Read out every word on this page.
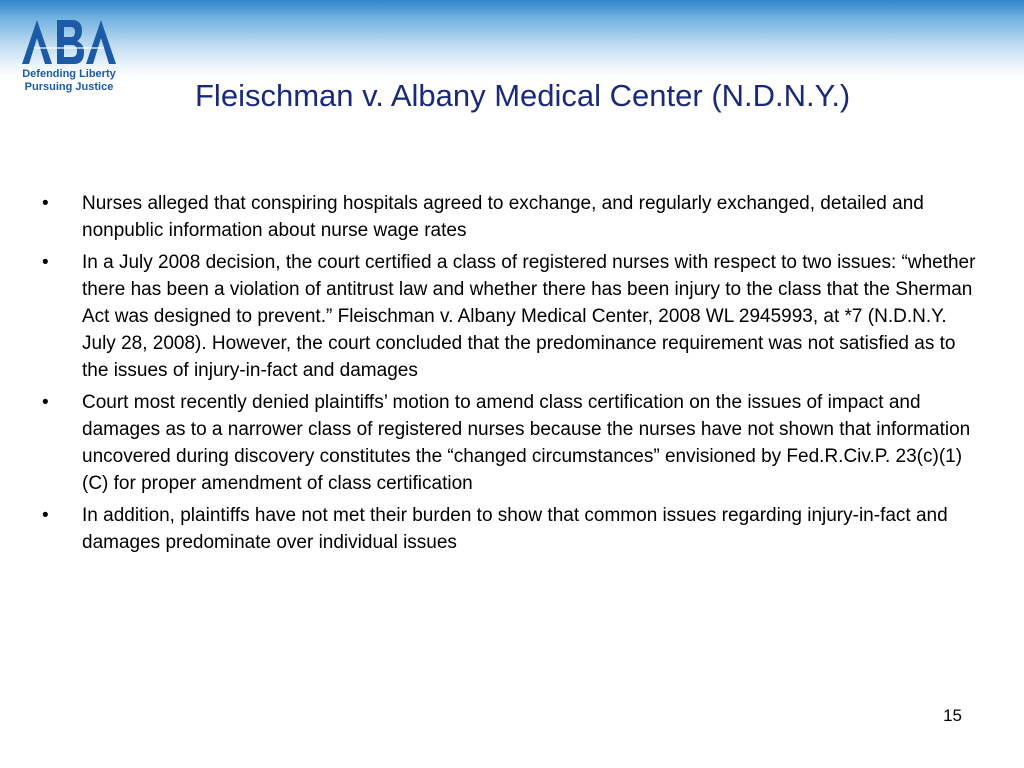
Defending Liberty
Pursuing Justice	Fleischman v. Albany Medical Center (N.D.N.Y.)
•	Nurses alleged that conspiring hospitals agreed to exchange, and regularly exchanged, detailed and nonpublic information about nurse wage rates
•	In a July 2008 decision, the court certified a class of registered nurses with respect to two issues: “whether there has been a violation of antitrust law and whether there has been injury to the class that the Sherman Act was designed to prevent.” Fleischman v. Albany Medical Center, 2008 WL 2945993, at *7 (N.D.N.Y. July 28, 2008). However, the court concluded that the predominance requirement was not satisfied as to the issues of injury-in-fact and damages
•	Court most recently denied plaintiffs’ motion to amend class certification on the issues of impact and damages as to a narrower class of registered nurses because the nurses have not shown that information uncovered during discovery constitutes the “changed circumstances” envisioned by Fed.R.Civ.P. 23(c)(1)(C) for proper amendment of class certification
•	In addition, plaintiffs have not met their burden to show that common issues regarding injury-in-fact and damages predominate over individual issues
15
